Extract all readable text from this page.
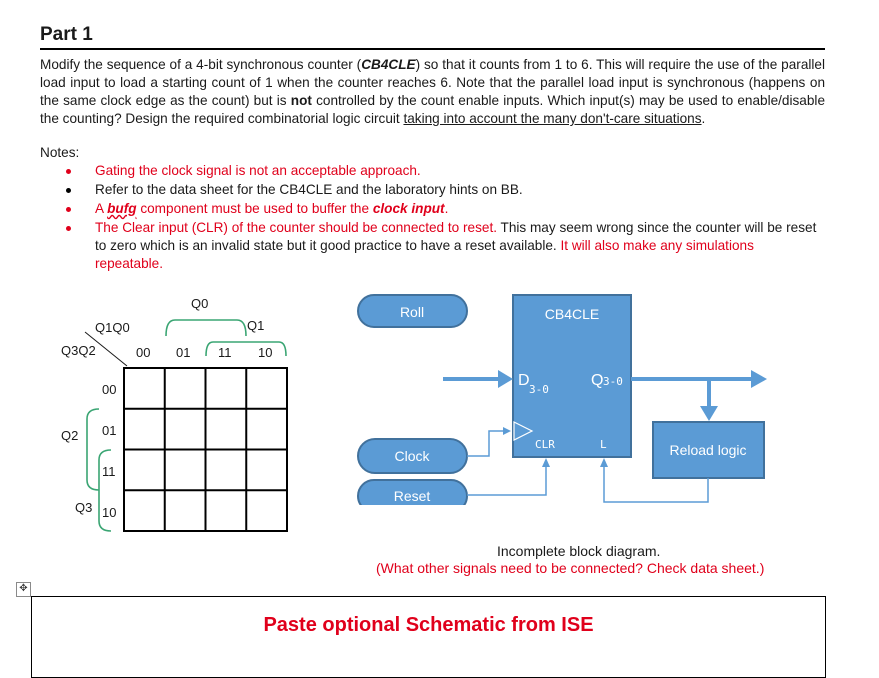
Part 1
Modify the sequence of a 4-bit synchronous counter (CB4CLE) so that it counts from 1 to 6. This will require the use of the parallel load input to load a starting count of 1 when the counter reaches 6. Note that the parallel load input is synchronous (happens on the same clock edge as the count) but is not controlled by the count enable inputs. Which input(s) may be used to enable/disable the counting? Design the required combinatorial logic circuit taking into account the many don't-care situations.
Notes:
Gating the clock signal is not an acceptable approach.
Refer to the data sheet for the CB4CLE and the laboratory hints on BB.
A bufg component must be used to buffer the clock input.
The Clear input (CLR) of the counter should be connected to reset. This may seem wrong since the counter will be reset to zero which is an invalid state but it good practice to have a reset available. It will also make any simulations repeatable.
Q0
Q1
Q1Q0
Q3Q2	00 01 11 10
00
01
11
10
Q2
Q3
Roll	CB4CLE
D
3-0
Q 3-0
CLR	L
Clock
Reset
Reload logic
Incomplete block diagram.
(What other signals need to be connected? Check data sheet.)
✥
Paste optional Schematic from ISE
